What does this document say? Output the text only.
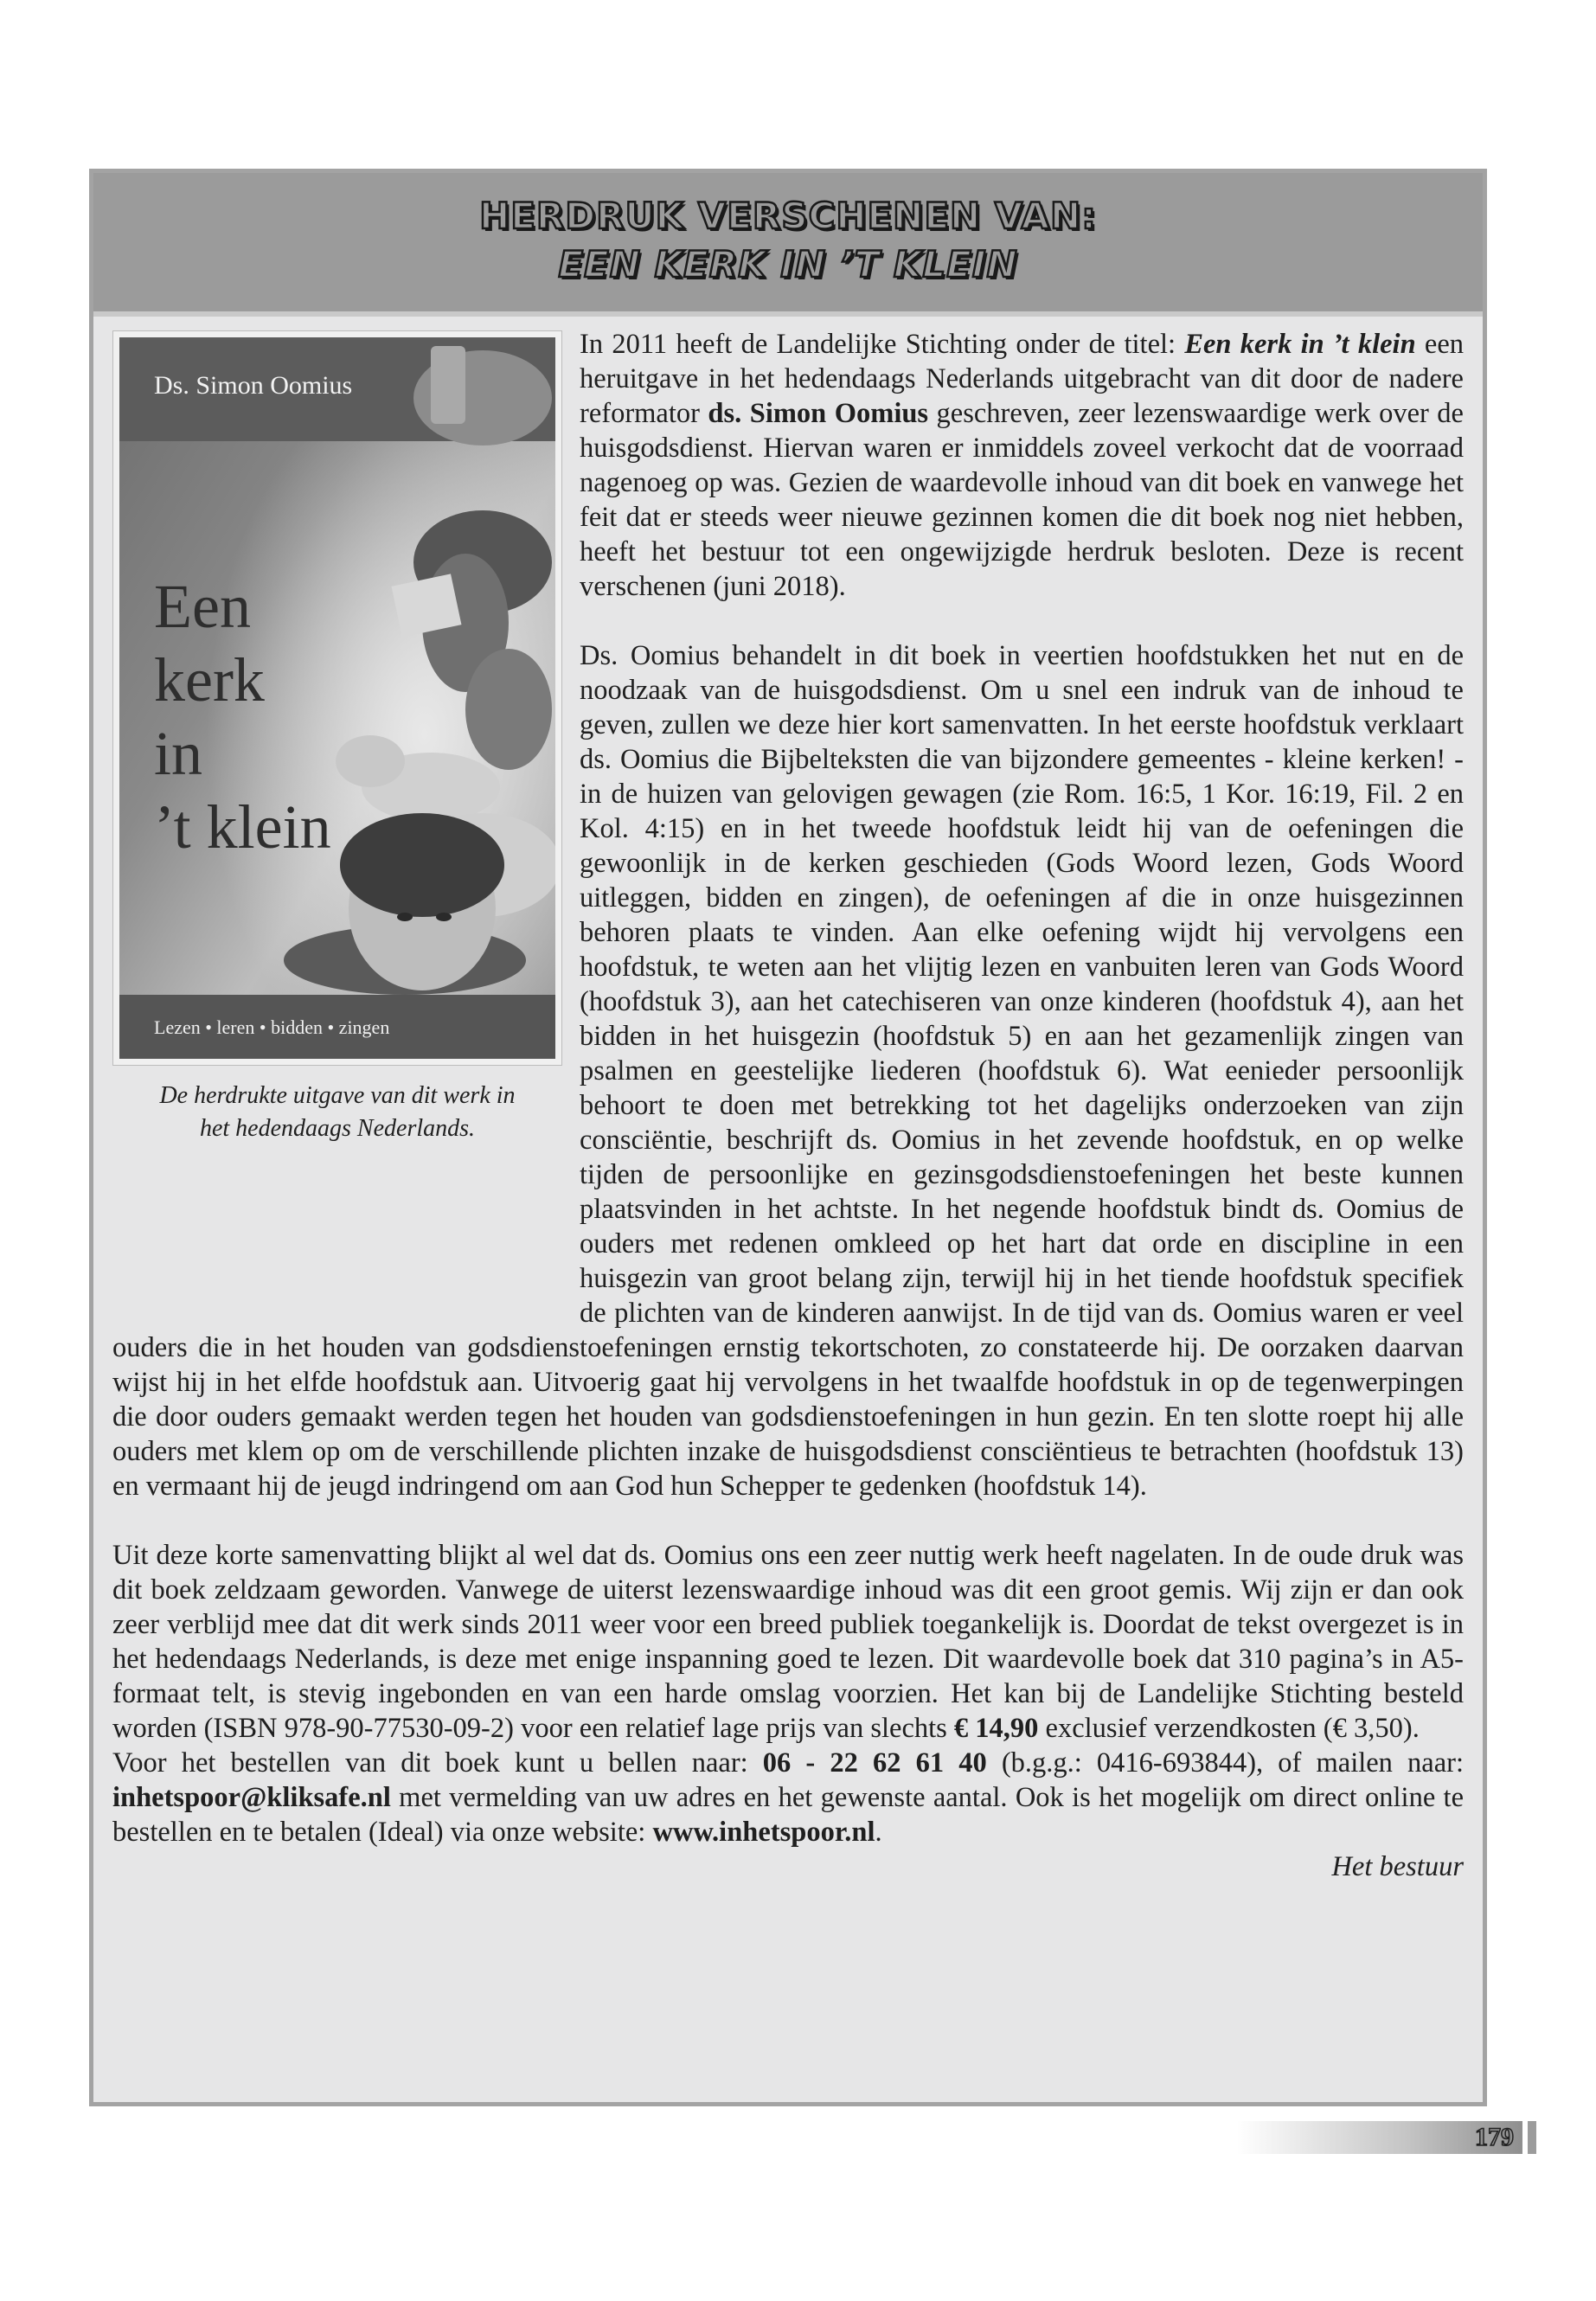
HERDRUK VERSCHENEN VAN:
EEN KERK IN ’T KLEIN
Ds. Simon Oomius
Een
kerk
in
’t klein
Lezen • leren • bidden • zingen
De herdrukte uitgave van dit werk in
het hedendaags Nederlands.

In 2011 heeft de Landelijke Stichting onder de titel: Een kerk in ’t klein een heruitgave in het hedendaags Nederlands uitgebracht van dit door de nadere reformator ds. Simon Oomius geschreven, zeer lezenswaardige werk over de huisgodsdienst. Hiervan waren er inmiddels zoveel verkocht dat de voorraad nagenoeg op was. Gezien de waardevolle inhoud van dit boek en vanwege het feit dat er steeds weer nieuwe gezinnen komen die dit boek nog niet hebben, heeft het bestuur tot een ongewijzigde herdruk besloten. Deze is recent verschenen (juni 2018).

Ds. Oomius behandelt in dit boek in veertien hoofdstukken het nut en de noodzaak van de huisgodsdienst. Om u snel een indruk van de inhoud te geven, zullen we deze hier kort samenvatten. In het eerste hoofdstuk verklaart ds. Oomius die Bijbelteksten die van bijzondere gemeentes - kleine kerken! - in de huizen van gelovigen gewagen (zie Rom. 16:5, 1 Kor. 16:19, Fil. 2 en Kol. 4:15) en in het tweede hoofdstuk leidt hij van de oefeningen die gewoonlijk in de kerken geschieden (Gods Woord lezen, Gods Woord uitleggen, bidden en zingen), de oefeningen af die in onze huisgezinnen behoren plaats te vinden. Aan elke oefening wijdt hij vervolgens een hoofdstuk, te weten aan het vlijtig lezen en vanbuiten leren van Gods Woord (hoofdstuk 3), aan het catechiseren van onze kinderen (hoofdstuk 4), aan het bidden in het huisgezin (hoofdstuk 5) en aan het gezamenlijk zingen van psalmen en geestelijke liederen (hoofdstuk 6). Wat eenieder persoonlijk behoort te doen met betrekking tot het dagelijks onderzoeken van zijn consciëntie, beschrijft ds. Oomius in het zevende hoofdstuk, en op welke tijden de persoonlijke en gezinsgodsdienstoefeningen het beste kunnen plaatsvinden in het achtste. In het negende hoofdstuk bindt ds. Oomius de ouders met redenen omkleed op het hart dat orde en discipline in een huisgezin van groot belang zijn, terwijl hij in het tiende hoofdstuk specifiek de plichten van de kinderen aanwijst. In de tijd van ds. Oomius waren er veel ouders die in het houden van godsdienstoefeningen ernstig tekortschoten, zo constateerde hij. De oorzaken daarvan wijst hij in het elfde hoofdstuk aan. Uitvoerig gaat hij vervolgens in het twaalfde hoofdstuk in op de tegenwerpingen die door ouders gemaakt werden tegen het houden van godsdienstoefeningen in hun gezin. En ten slotte roept hij alle ouders met klem op om de verschillende plichten inzake de huisgodsdienst consciëntieus te betrachten (hoofdstuk 13) en vermaant hij de jeugd indringend om aan God hun Schepper te gedenken (hoofdstuk 14).

Uit deze korte samenvatting blijkt al wel dat ds. Oomius ons een zeer nuttig werk heeft nagelaten. In de oude druk was dit boek zeldzaam geworden. Vanwege de uiterst lezenswaardige inhoud was dit een groot gemis. Wij zijn er dan ook zeer verblijd mee dat dit werk sinds 2011 weer voor een breed publiek toegankelijk is. Doordat de tekst overgezet is in het hedendaags Nederlands, is deze met enige inspanning goed te lezen. Dit waardevolle boek dat 310 pagina’s in A5-formaat telt, is stevig ingebonden en van een harde omslag voorzien. Het kan bij de Landelijke Stichting besteld worden (ISBN 978-90-77530-09-2) voor een relatief lage prijs van slechts € 14,90 exclusief verzendkosten (€ 3,50).

Voor het bestellen van dit boek kunt u bellen naar: 06 - 22 62 61 40 (b.g.g.: 0416-693844), of mailen naar: inhetspoor@kliksafe.nl met vermelding van uw adres en het gewenste aantal. Ook is het mogelijk om direct online te bestellen en te betalen (Ideal) via onze website: www.inhetspoor.nl.

Het bestuur
179
